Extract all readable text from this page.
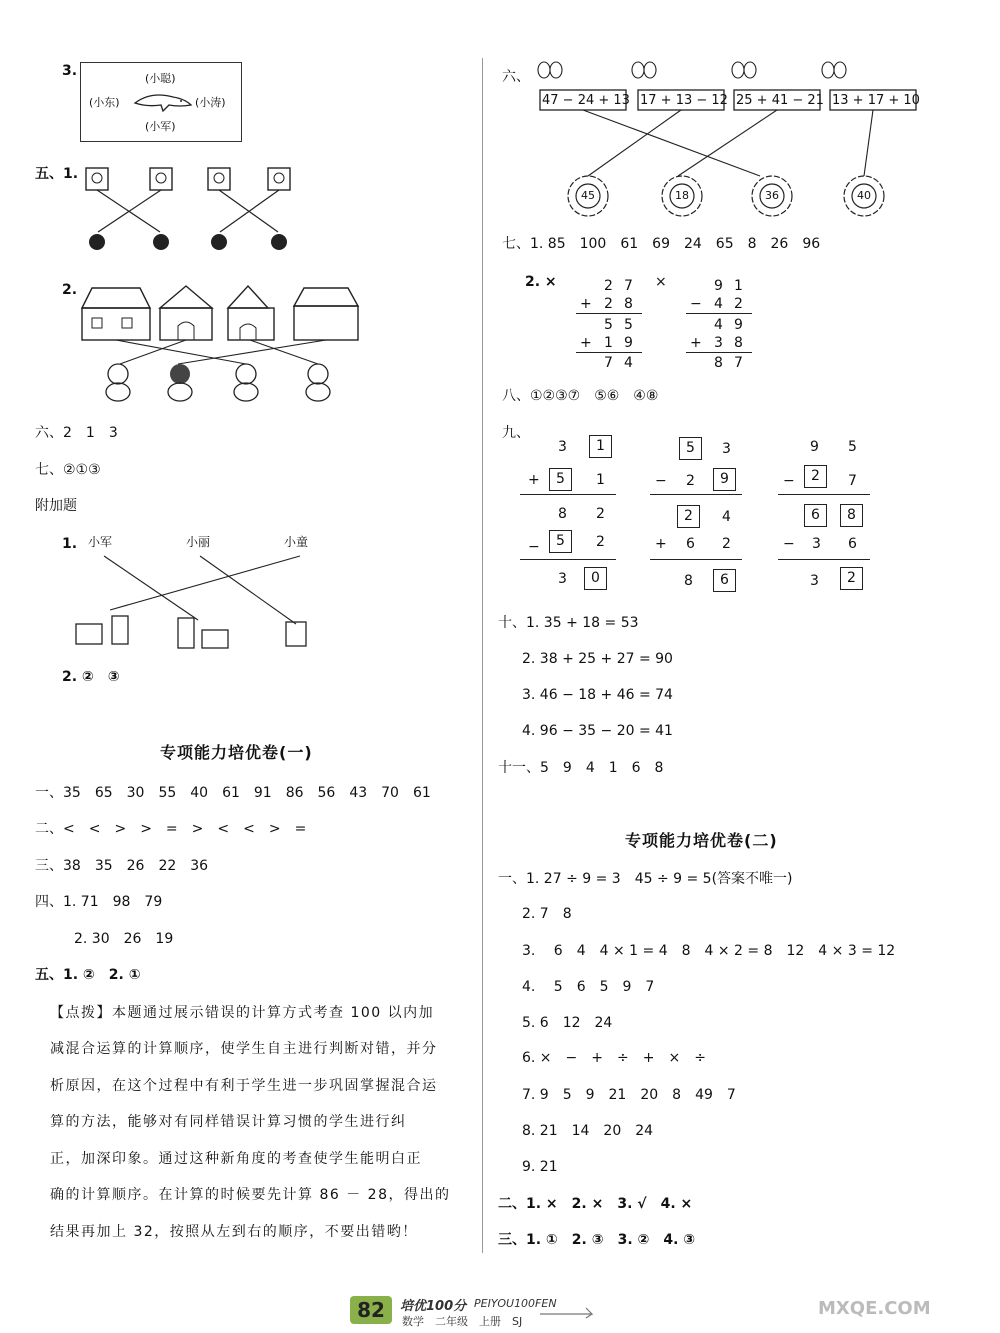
3.	(小聪)
(小东)	(小涛)
(小军)
五、1.
2.
六、2　1　3
七、②①③
附加题
1. 小军	小丽	小童
2. ②　③
专项能力培优卷(一)
一、35　65　30　55　40　61　91　86　56　43　70　61
二、<　<　>　>　=　>　<　<　>　=
三、38　35　26　22　36
四、1. 71　98　79
2. 30　26　19
五、1. ②　2. ①
【点拨】本题通过展示错误的计算方式考查 100 以内加
减混合运算的计算顺序，使学生自主进行判断对错，并分
析原因，在这个过程中有利于学生进一步巩固掌握混合运
算的方法，能够对有同样错误计算习惯的学生进行纠
正，加深印象。通过这种新角度的考查使学生能明白正
确的计算顺序。在计算的时候要先计算 86 － 28，得出的
结果再加上 32，按照从左到右的顺序，不要出错哟！
六、
47 − 24 + 13 17 + 13 − 12 25 + 41 − 21 13 + 17 + 10
45	18	36	40
七、1. 85　100　61　69　24　65　8　26　96
2. ×	×
2 7
+ 2 8
5 5
+ 1 9
7 4
9 1
− 4 2
4 9
+ 3 8
8 7
八、①②③⑦　⑤⑥　④⑧
九、
3	1
+	5	1
8 2
−	5	2
3	0
5	3
− 2	9
2	4
+ 6 2
8	6
9 5
−	2	7
6	8
− 3 6
3	2
十、1. 35 + 18 = 53
2. 38 + 25 + 27 = 90
3. 46 − 18 + 46 = 74
4. 96 − 35 − 20 = 41
十一、5　9　4　1　6　8
专项能力培优卷(二)
一、1. 27 ÷ 9 = 3　45 ÷ 9 = 5(答案不唯一)
2. 7　8
3. 　6　4　4 × 1 = 4　8　4 × 2 = 8　12　4 × 3 = 12
4. 　5　6　5　9　7
5. 6　12　24
6. ×　−　+　÷　+　×　÷
7. 9　5　9　21　20　8　49　7
8. 21　14　20　24
9. 21
二、1. ×　2. ×　3. √　4. ×
三、1. ①　2. ③　3. ②　4. ③
82	培优100分 PEIYOU100FEN
数学　二年级　上册　SJ
MXQE.COM
